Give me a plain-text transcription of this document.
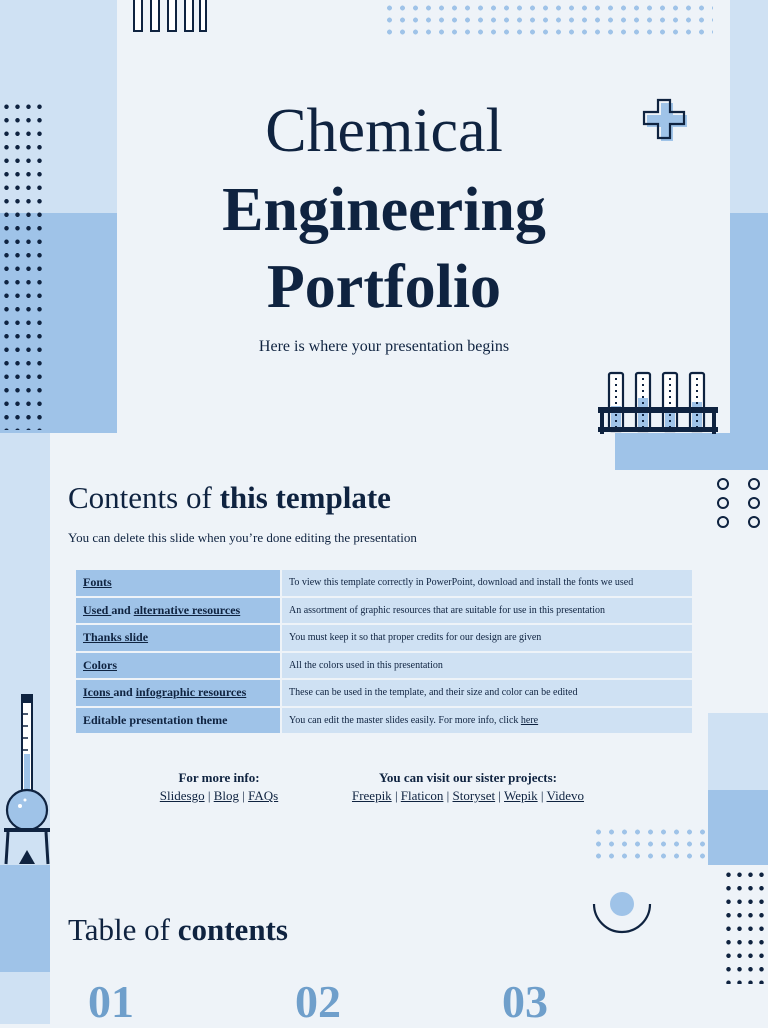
Chemical
Engineering
Portfolio
Here is where your presentation begins
Contents of this template
You can delete this slide when you’re done editing the presentation
Fonts	To view this template correctly in PowerPoint, download and install the fonts we used
Used and alternative resources	An assortment of graphic resources that are suitable for use in this presentation
Thanks slide	You must keep it so that proper credits for our design are given
Colors	All the colors used in this presentation
Icons and infographic resources	These can be used in the template, and their size and color can be edited
Editable presentation theme	You can edit the master slides easily. For more info, click here
For more info:
Slidesgo | Blog | FAQs
You can visit our sister projects:
Freepik | Flaticon | Storyset | Wepik | Videvo
Table of contents
01	02	03
